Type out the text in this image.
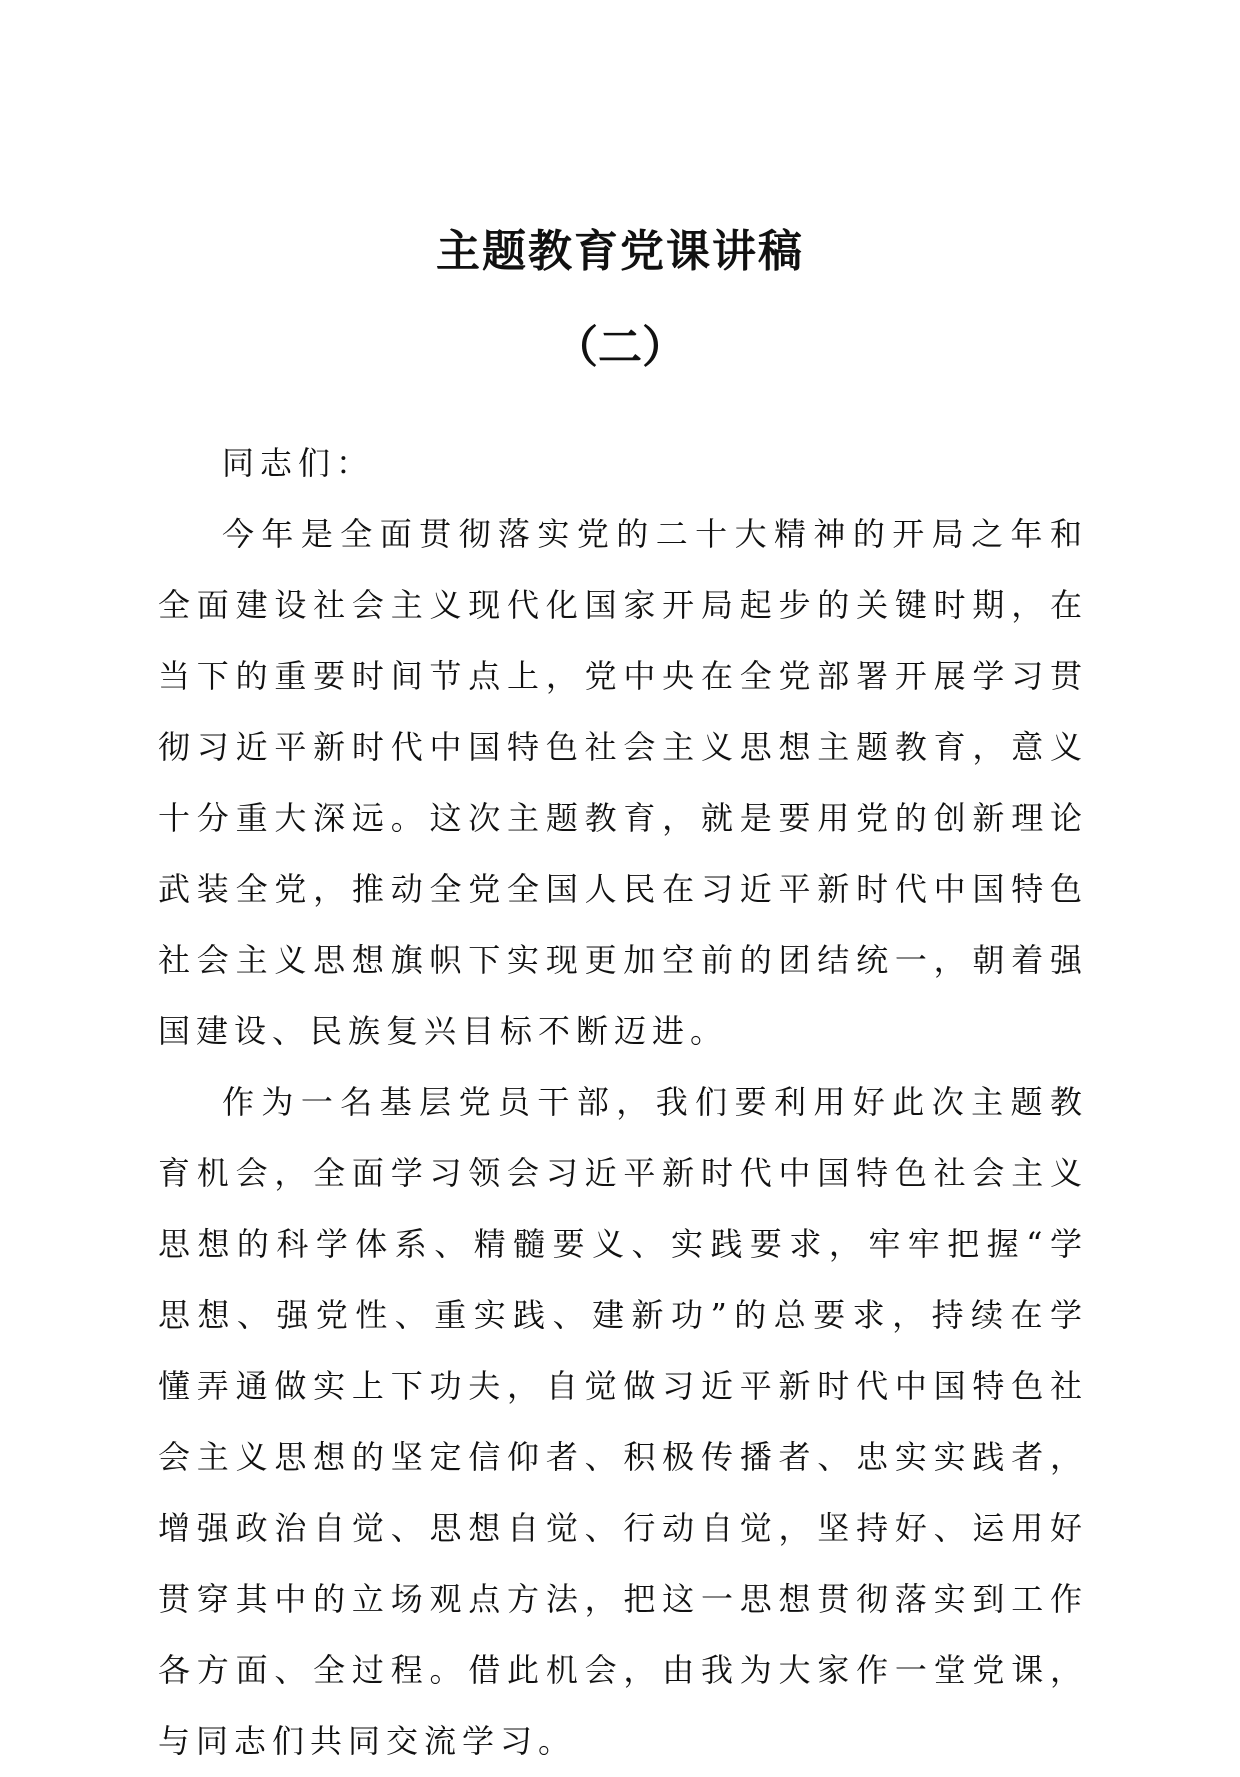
主题教育党课讲稿
（二）

同志们：

今年是全面贯彻落实党的二十大精神的开局之年和全面建设社会主义现代化国家开局起步的关键时期，在当下的重要时间节点上，党中央在全党部署开展学习贯彻习近平新时代中国特色社会主义思想主题教育，意义十分重大深远。这次主题教育，就是要用党的创新理论武装全党，推动全党全国人民在习近平新时代中国特色社会主义思想旗帜下实现更加空前的团结统一，朝着强国建设、民族复兴目标不断迈进。

作为一名基层党员干部，我们要利用好此次主题教育机会，全面学习领会习近平新时代中国特色社会主义思想的科学体系、精髓要义、实践要求，牢牢把握“学思想、强党性、重实践、建新功”的总要求，持续在学懂弄通做实上下功夫，自觉做习近平新时代中国特色社会主义思想的坚定信仰者、积极传播者、忠实实践者，增强政治自觉、思想自觉、行动自觉，坚持好、运用好贯穿其中的立场观点方法，把这一思想贯彻落实到工作各方面、全过程。借此机会，由我为大家作一堂党课，与同志们共同交流学习。
